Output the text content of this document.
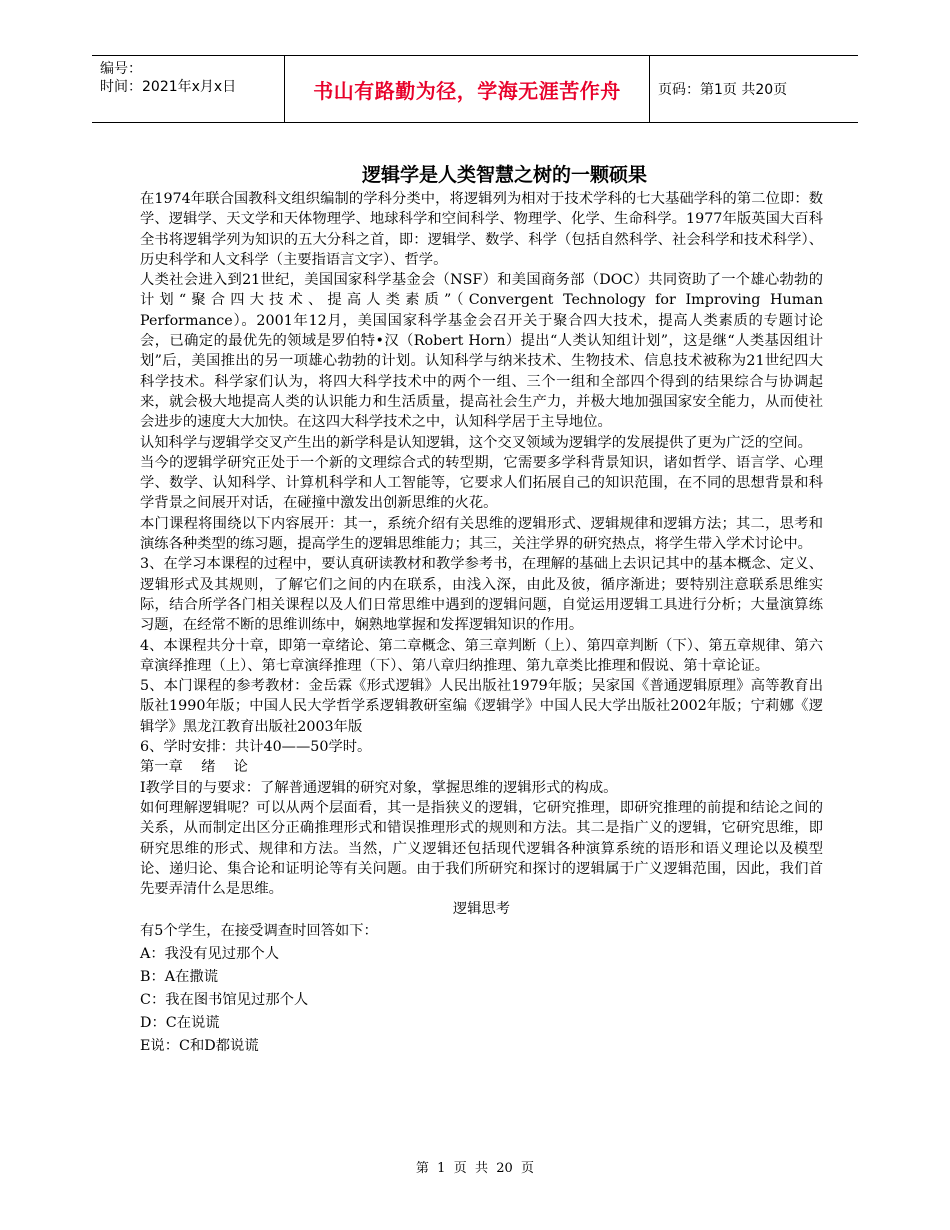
编号：
时间：2021年x月x日	书山有路勤为径，学海无涯苦作舟	页码：第1页 共20页
逻辑学是人类智慧之树的一颗硕果

在1974年联合国教科文组织编制的学科分类中，将逻辑列为相对于技术学科的七大基础学科的第二位即：数学、逻辑学、天文学和天体物理学、地球科学和空间科学、物理学、化学、生命科学。1977年版英国大百科全书将逻辑学列为知识的五大分科之首，即：逻辑学、数学、科学（包括自然科学、社会科学和技术科学）、历史科学和人文科学（主要指语言文字）、哲学。

人类社会进入到21世纪，美国国家科学基金会（NSF）和美国商务部（DOC）共同资助了一个雄心勃勃的计划“聚合四大技术、提高人类素质”（Convergent Technology for Improving Human Performance）。2001年12月，美国国家科学基金会召开关于聚合四大技术，提高人类素质的专题讨论会，已确定的最优先的领域是罗伯特•汉（Robert Horn）提出“人类认知组计划”，这是继“人类基因组计划”后，美国推出的另一项雄心勃勃的计划。认知科学与纳米技术、生物技术、信息技术被称为21世纪四大科学技术。科学家们认为，将四大科学技术中的两个一组、三个一组和全部四个得到的结果综合与协调起来，就会极大地提高人类的认识能力和生活质量，提高社会生产力，并极大地加强国家安全能力，从而使社会进步的速度大大加快。在这四大科学技术之中，认知科学居于主导地位。

认知科学与逻辑学交叉产生出的新学科是认知逻辑，这个交叉领域为逻辑学的发展提供了更为广泛的空间。

当今的逻辑学研究正处于一个新的文理综合式的转型期，它需要多学科背景知识，诸如哲学、语言学、心理学、数学、认知科学、计算机科学和人工智能等，它要求人们拓展自己的知识范围，在不同的思想背景和科学背景之间展开对话，在碰撞中激发出创新思维的火花。

本门课程将围绕以下内容展开：其一，系统介绍有关思维的逻辑形式、逻辑规律和逻辑方法；其二，思考和演练各种类型的练习题，提高学生的逻辑思维能力；其三，关注学界的研究热点，将学生带入学术讨论中。

3、在学习本课程的过程中，要认真研读教材和教学参考书，在理解的基础上去识记其中的基本概念、定义、逻辑形式及其规则，了解它们之间的内在联系，由浅入深，由此及彼，循序渐进；要特别注意联系思维实际，结合所学各门相关课程以及人们日常思维中遇到的逻辑问题，自觉运用逻辑工具进行分析；大量演算练习题，在经常不断的思维训练中，娴熟地掌握和发挥逻辑知识的作用。

4、本课程共分十章，即第一章绪论、第二章概念、第三章判断（上）、第四章判断（下）、第五章规律、第六章演绎推理（上）、第七章演绎推理（下）、第八章归纳推理、第九章类比推理和假说、第十章论证。

5、本门课程的参考教材：金岳霖《形式逻辑》人民出版社1979年版；吴家国《普通逻辑原理》高等教育出版社1990年版；中国人民大学哲学系逻辑教研室编《逻辑学》中国人民大学出版社2002年版；宁莉娜《逻辑学》黑龙江教育出版社2003年版

6、学时安排：共计40——50学时。

第一章    绪    论

Ⅰ教学目的与要求：了解普通逻辑的研究对象，掌握思维的逻辑形式的构成。

如何理解逻辑呢？可以从两个层面看，其一是指狭义的逻辑，它研究推理，即研究推理的前提和结论之间的关系，从而制定出区分正确推理形式和错误推理形式的规则和方法。其二是指广义的逻辑，它研究思维，即研究思维的形式、规律和方法。当然，广义逻辑还包括现代逻辑各种演算系统的语形和语义理论以及模型论、递归论、集合论和证明论等有关问题。由于我们所研究和探讨的逻辑属于广义逻辑范围，因此，我们首先要弄清什么是思维。

逻辑思考

有5个学生，在接受调查时回答如下：

A：我没有见过那个人

B：A在撒谎

C：我在图书馆见过那个人

D：C在说谎

E说：C和D都说谎

第  1  页  共  20  页
